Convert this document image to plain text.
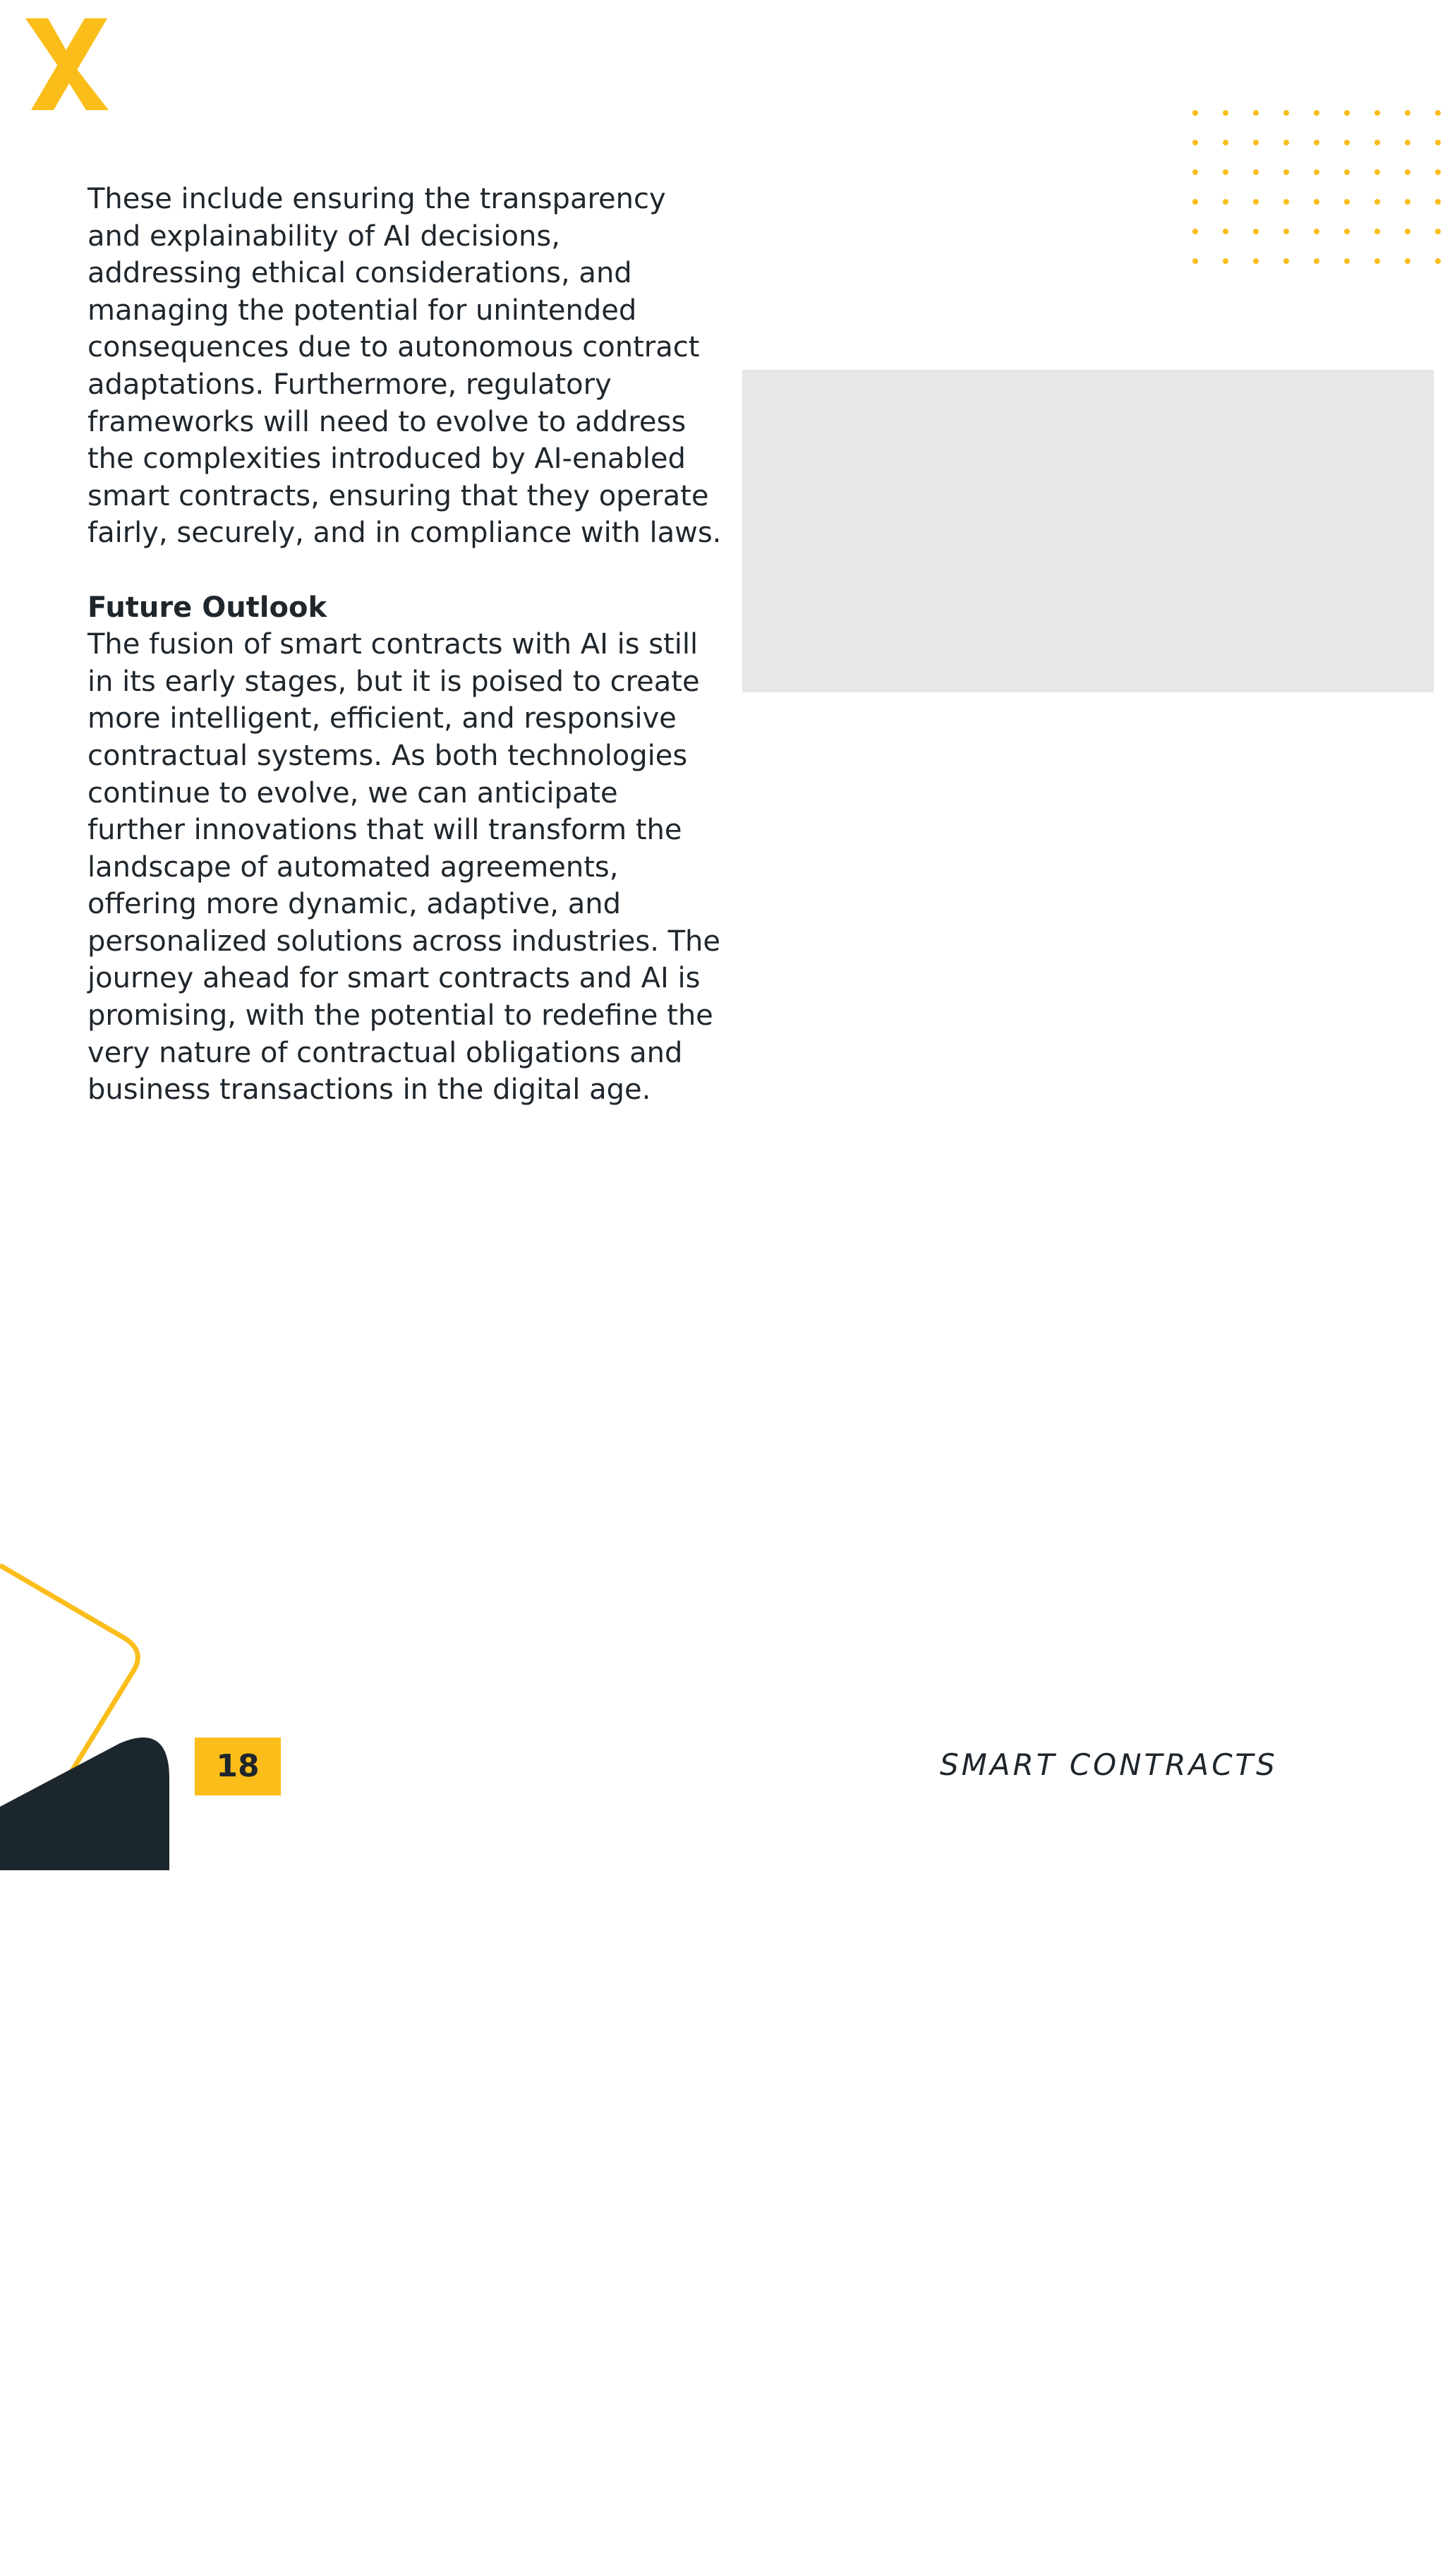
These include ensuring the transparency and explainability of AI decisions, addressing ethical considerations, and managing the potential for unintended consequences due to autonomous contract adaptations. Furthermore, regulatory frameworks will need to evolve to address the complexities introduced by AI-enabled smart contracts, ensuring that they operate fairly, securely, and in compliance with laws.

Future Outlook

The fusion of smart contracts with AI is still in its early stages, but it is poised to create more intelligent, efficient, and responsive contractual systems. As both technologies continue to evolve, we can anticipate further innovations that will transform the landscape of automated agreements, offering more dynamic, adaptive, and personalized solutions across industries. The journey ahead for smart contracts and AI is promising, with the potential to redefine the very nature of contractual obligations and business transactions in the digital age.

18	SMART CONTRACTS
